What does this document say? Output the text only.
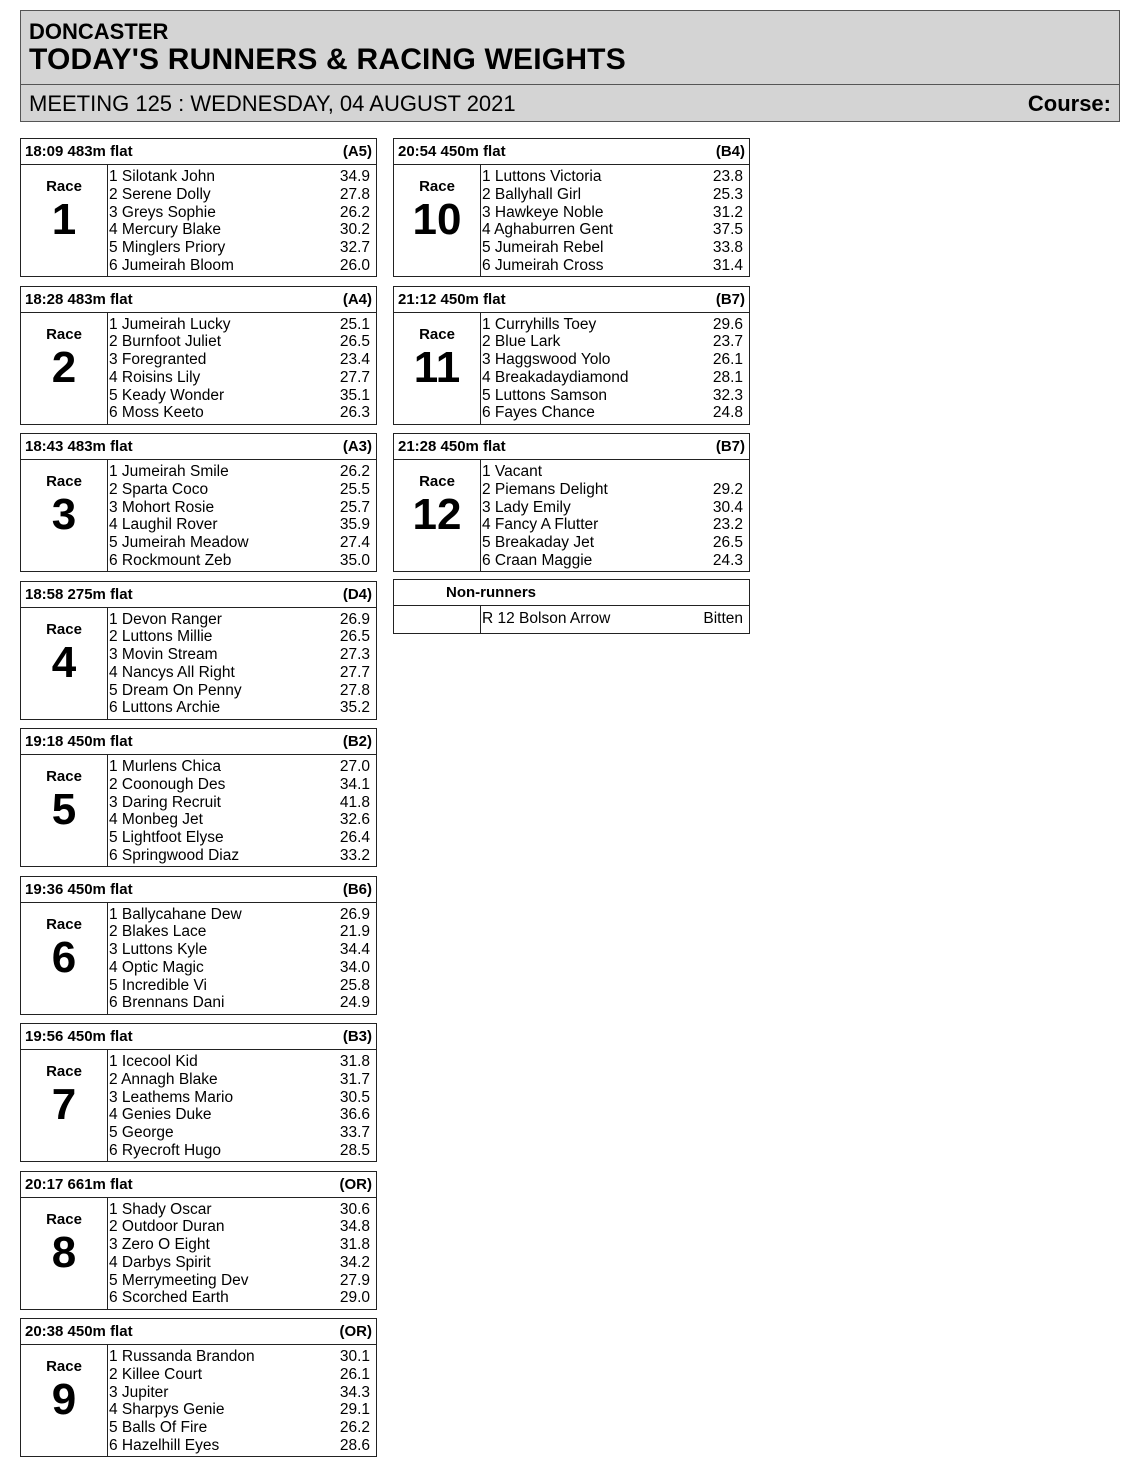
DONCASTER
TODAY'S RUNNERS & RACING WEIGHTS
MEETING 125 : WEDNESDAY, 04 AUGUST 2021	Course:
18:09 483m flat	(A5)
Race
1
1 Silotank John	34.9
2 Serene Dolly	27.8
3 Greys Sophie	26.2
4 Mercury Blake	30.2
5 Minglers Priory	32.7
6 Jumeirah Bloom	26.0
18:28 483m flat	(A4)
Race
2
1 Jumeirah Lucky	25.1
2 Burnfoot Juliet	26.5
3 Foregranted	23.4
4 Roisins Lily	27.7
5 Keady Wonder	35.1
6 Moss Keeto	26.3
18:43 483m flat	(A3)
Race
3
1 Jumeirah Smile	26.2
2 Sparta Coco	25.5
3 Mohort Rosie	25.7
4 Laughil Rover	35.9
5 Jumeirah Meadow	27.4
6 Rockmount Zeb	35.0
18:58 275m flat	(D4)
Race
4
1 Devon Ranger	26.9
2 Luttons Millie	26.5
3 Movin Stream	27.3
4 Nancys All Right	27.7
5 Dream On Penny	27.8
6 Luttons Archie	35.2
19:18 450m flat	(B2)
Race
5
1 Murlens Chica	27.0
2 Coonough Des	34.1
3 Daring Recruit	41.8
4 Monbeg Jet	32.6
5 Lightfoot Elyse	26.4
6 Springwood Diaz	33.2
19:36 450m flat	(B6)
Race
6
1 Ballycahane Dew	26.9
2 Blakes Lace	21.9
3 Luttons Kyle	34.4
4 Optic Magic	34.0
5 Incredible Vi	25.8
6 Brennans Dani	24.9
19:56 450m flat	(B3)
Race
7
1 Icecool Kid	31.8
2 Annagh Blake	31.7
3 Leathems Mario	30.5
4 Genies Duke	36.6
5 George	33.7
6 Ryecroft Hugo	28.5
20:17 661m flat	(OR)
Race
8
1 Shady Oscar	30.6
2 Outdoor Duran	34.8
3 Zero O Eight	31.8
4 Darbys Spirit	34.2
5 Merrymeeting Dev	27.9
6 Scorched Earth	29.0
20:38 450m flat	(OR)
Race
9
1 Russanda Brandon	30.1
2 Killee Court	26.1
3 Jupiter	34.3
4 Sharpys Genie	29.1
5 Balls Of Fire	26.2
6 Hazelhill Eyes	28.6
20:54 450m flat	(B4)
Race
10
1 Luttons Victoria	23.8
2 Ballyhall Girl	25.3
3 Hawkeye Noble	31.2
4 Aghaburren Gent	37.5
5 Jumeirah Rebel	33.8
6 Jumeirah Cross	31.4
21:12 450m flat	(B7)
Race
11
1 Curryhills Toey	29.6
2 Blue Lark	23.7
3 Haggswood Yolo	26.1
4 Breakadaydiamond	28.1
5 Luttons Samson	32.3
6 Fayes Chance	24.8
21:28 450m flat	(B7)
Race
12
1 Vacant
2 Piemans Delight	29.2
3 Lady Emily	30.4
4 Fancy A Flutter	23.2
5 Breakaday Jet	26.5
6 Craan Maggie	24.3
Non-runners
R 12 Bolson Arrow	Bitten
